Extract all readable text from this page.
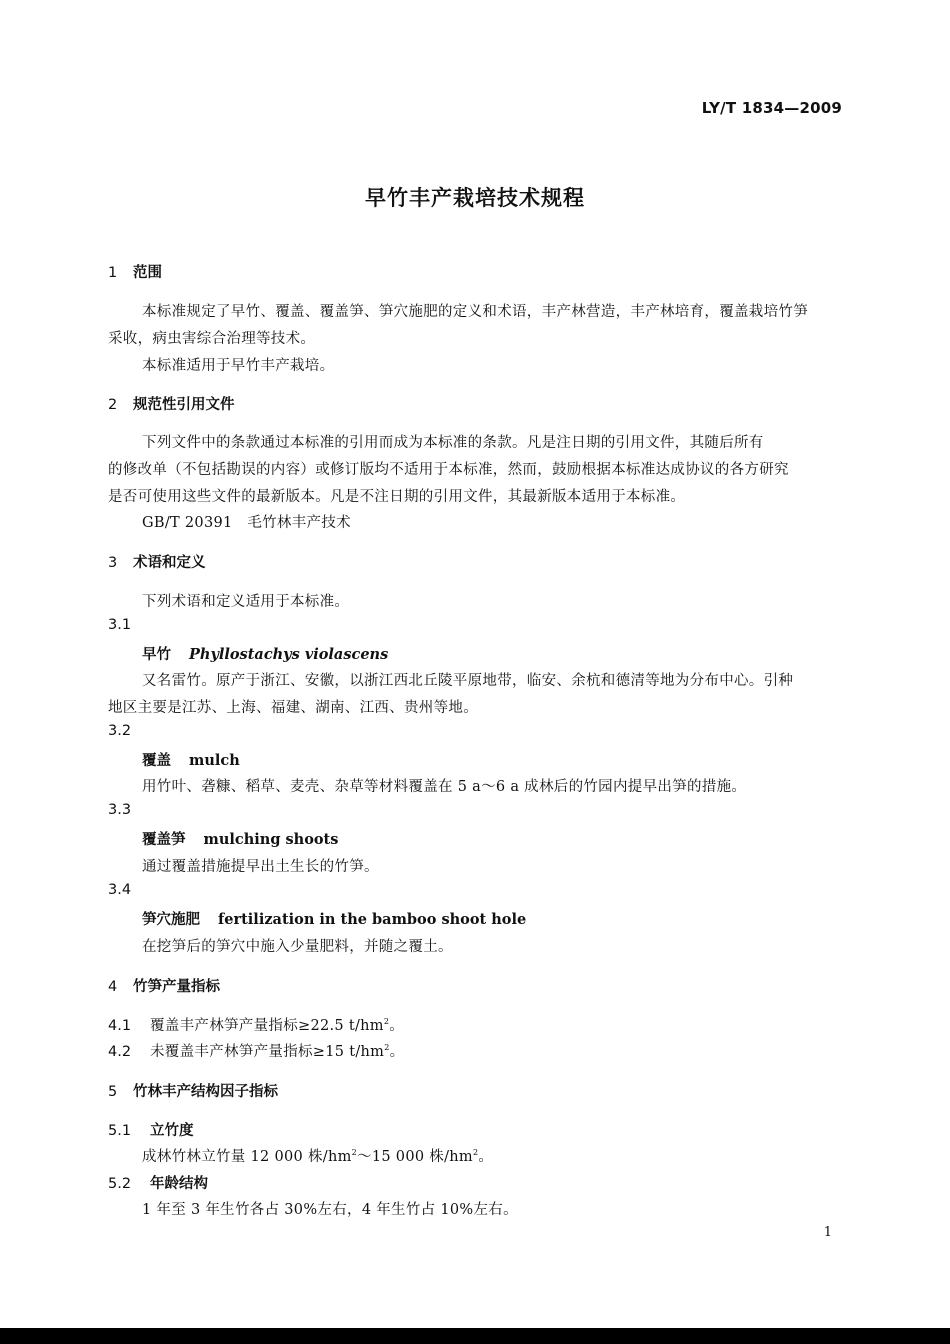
LY/T 1834—2009
早竹丰产栽培技术规程
1 范围
本标准规定了早竹、覆盖、覆盖笋、笋穴施肥的定义和术语，丰产林营造，丰产林培育，覆盖栽培竹笋
采收，病虫害综合治理等技术。
本标准适用于早竹丰产栽培。
2 规范性引用文件
下列文件中的条款通过本标准的引用而成为本标准的条款。凡是注日期的引用文件，其随后所有
的修改单（不包括勘误的内容）或修订版均不适用于本标准，然而，鼓励根据本标准达成协议的各方研究
是否可使用这些文件的最新版本。凡是不注日期的引用文件，其最新版本适用于本标准。
GB/T 20391　毛竹林丰产技术
3 术语和定义
下列术语和定义适用于本标准。
3.1
早竹 Phyllostachys violascens
又名雷竹。原产于浙江、安徽，以浙江西北丘陵平原地带，临安、余杭和德清等地为分布中心。引种
地区主要是江苏、上海、福建、湖南、江西、贵州等地。
3.2
覆盖 mulch
用竹叶、砻糠、稻草、麦壳、杂草等材料覆盖在 5 a～6 a 成林后的竹园内提早出笋的措施。
3.3
覆盖笋 mulching shoots
通过覆盖措施提早出土生长的竹笋。
3.4
笋穴施肥 fertilization in the bamboo shoot hole
在挖笋后的笋穴中施入少量肥料，并随之覆土。
4 竹笋产量指标
4.1 覆盖丰产林笋产量指标≥22.5 $t/hm^2$。
4.2 未覆盖丰产林笋产量指标≥15 $t/hm^2$。
5 竹林丰产结构因子指标
5.1 立竹度
成林竹林立竹量 12 000 株$/hm^2\sim 15$ 000 株$/hm^2$。
5.2 年龄结构
1 年至 3 年生竹各占 30%左右，4 年生竹占 10%左右。
1
